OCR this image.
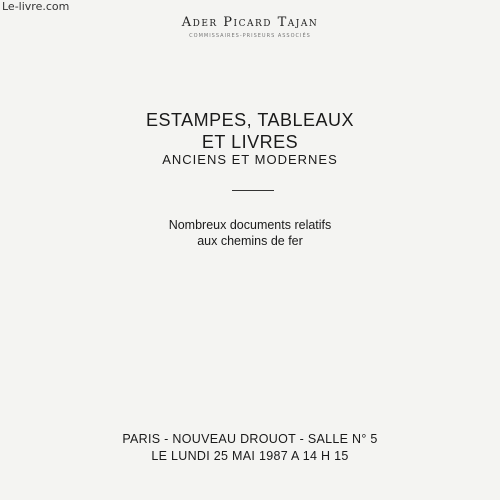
Le-livre.com
Ader Picard Tajan
COMMISSAIRES-PRISEURS ASSOCIÉS
ESTAMPES, TABLEAUX
ET LIVRES
ANCIENS ET MODERNES
Nombreux documents relatifs
aux chemins de fer
PARIS - NOUVEAU DROUOT - SALLE N° 5
LE LUNDI 25 MAI 1987 A 14 H 15
